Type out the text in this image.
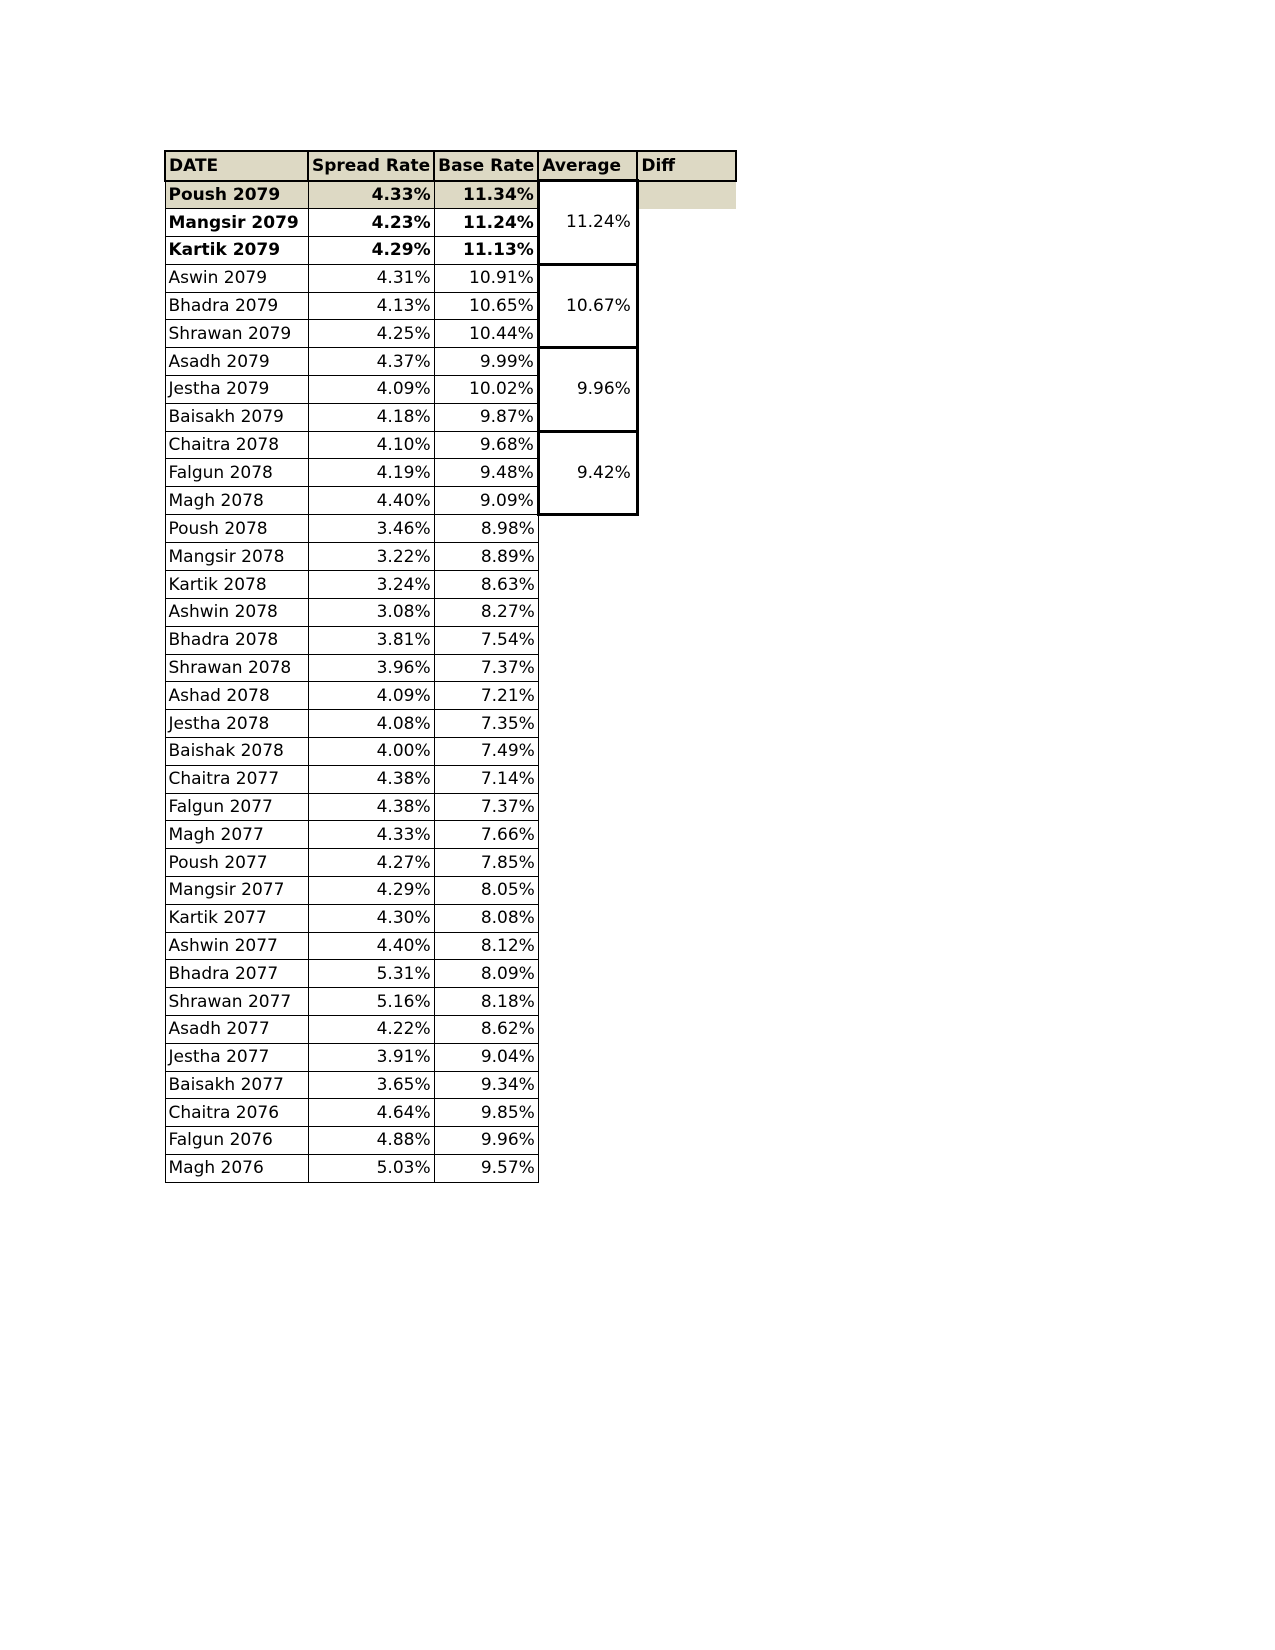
DATE	Spread Rate	Base Rate	Average	Diff
Poush 2079	4.33%	11.34%	11.24%	
Mangsir 2079	4.23%	11.24%		
Kartik 2079	4.29%	11.13%		
Aswin 2079	4.31%	10.91%	10.67%	
Bhadra 2079	4.13%	10.65%		
Shrawan 2079	4.25%	10.44%		
Asadh 2079	4.37%	9.99%	9.96%	
Jestha 2079	4.09%	10.02%		
Baisakh 2079	4.18%	9.87%		
Chaitra 2078	4.10%	9.68%	9.42%	
Falgun 2078	4.19%	9.48%		
Magh 2078	4.40%	9.09%		
Poush 2078	3.46%	8.98%		
Mangsir 2078	3.22%	8.89%		
Kartik 2078	3.24%	8.63%		
Ashwin 2078	3.08%	8.27%		
Bhadra 2078	3.81%	7.54%		
Shrawan 2078	3.96%	7.37%		
Ashad 2078	4.09%	7.21%		
Jestha 2078	4.08%	7.35%		
Baishak 2078	4.00%	7.49%		
Chaitra 2077	4.38%	7.14%		
Falgun 2077	4.38%	7.37%		
Magh 2077	4.33%	7.66%		
Poush 2077	4.27%	7.85%		
Mangsir 2077	4.29%	8.05%		
Kartik 2077	4.30%	8.08%		
Ashwin 2077	4.40%	8.12%		
Bhadra 2077	5.31%	8.09%		
Shrawan 2077	5.16%	8.18%		
Asadh 2077	4.22%	8.62%		
Jestha 2077	3.91%	9.04%		
Baisakh 2077	3.65%	9.34%		
Chaitra 2076	4.64%	9.85%		
Falgun 2076	4.88%	9.96%		
Magh 2076	5.03%	9.57%		
